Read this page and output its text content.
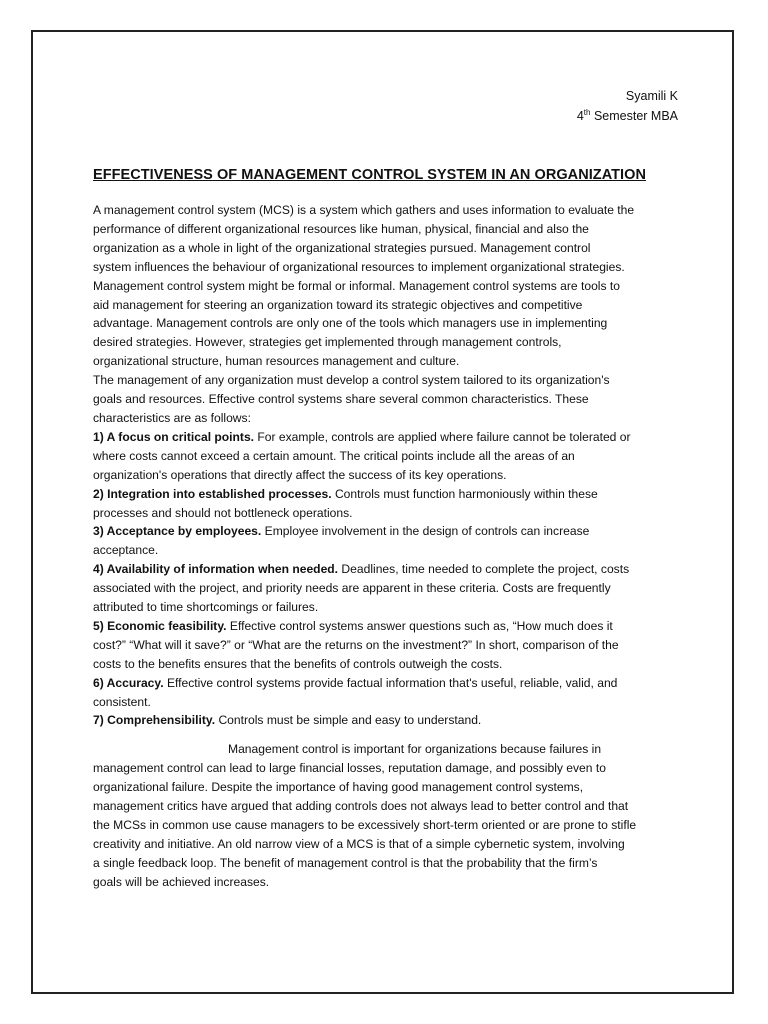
Syamili K
4th Semester MBA
EFFECTIVENESS OF MANAGEMENT CONTROL SYSTEM IN AN ORGANIZATION

A management control system (MCS) is a system which gathers and uses information to evaluate the

performance of different organizational resources like human, physical, financial and also the

organization as a whole in light of the organizational strategies pursued. Management control

system influences the behaviour of organizational resources to implement organizational strategies.

Management control system might be formal or informal. Management control systems are tools to

aid management for steering an organization toward its strategic objectives and competitive

advantage. Management controls are only one of the tools which managers use in implementing

desired strategies. However, strategies get implemented through management controls,

organizational structure, human resources management and culture.

The management of any organization must develop a control system tailored to its organization's

goals and resources. Effective control systems share several common characteristics. These

characteristics are as follows:

1) A focus on critical points. For example, controls are applied where failure cannot be tolerated or

where costs cannot exceed a certain amount. The critical points include all the areas of an

organization's operations that directly affect the success of its key operations.

2) Integration into established processes. Controls must function harmoniously within these

processes and should not bottleneck operations.

3) Acceptance by employees. Employee involvement in the design of controls can increase

acceptance.

4) Availability of information when needed. Deadlines, time needed to complete the project, costs

associated with the project, and priority needs are apparent in these criteria. Costs are frequently

attributed to time shortcomings or failures.

5) Economic feasibility. Effective control systems answer questions such as, “How much does it

cost?” “What will it save?” or “What are the returns on the investment?” In short, comparison of the

costs to the benefits ensures that the benefits of controls outweigh the costs.

6) Accuracy. Effective control systems provide factual information that's useful, reliable, valid, and

consistent.

7) Comprehensibility. Controls must be simple and easy to understand.

Management control is important for organizations because failures in

management control can lead to large financial losses, reputation damage, and possibly even to

organizational failure. Despite the importance of having good management control systems,

management critics have argued that adding controls does not always lead to better control and that

the MCSs in common use cause managers to be excessively short-term oriented or are prone to stifle

creativity and initiative. An old narrow view of a MCS is that of a simple cybernetic system, involving

a single feedback loop. The benefit of management control is that the probability that the firm’s

goals will be achieved increases.
